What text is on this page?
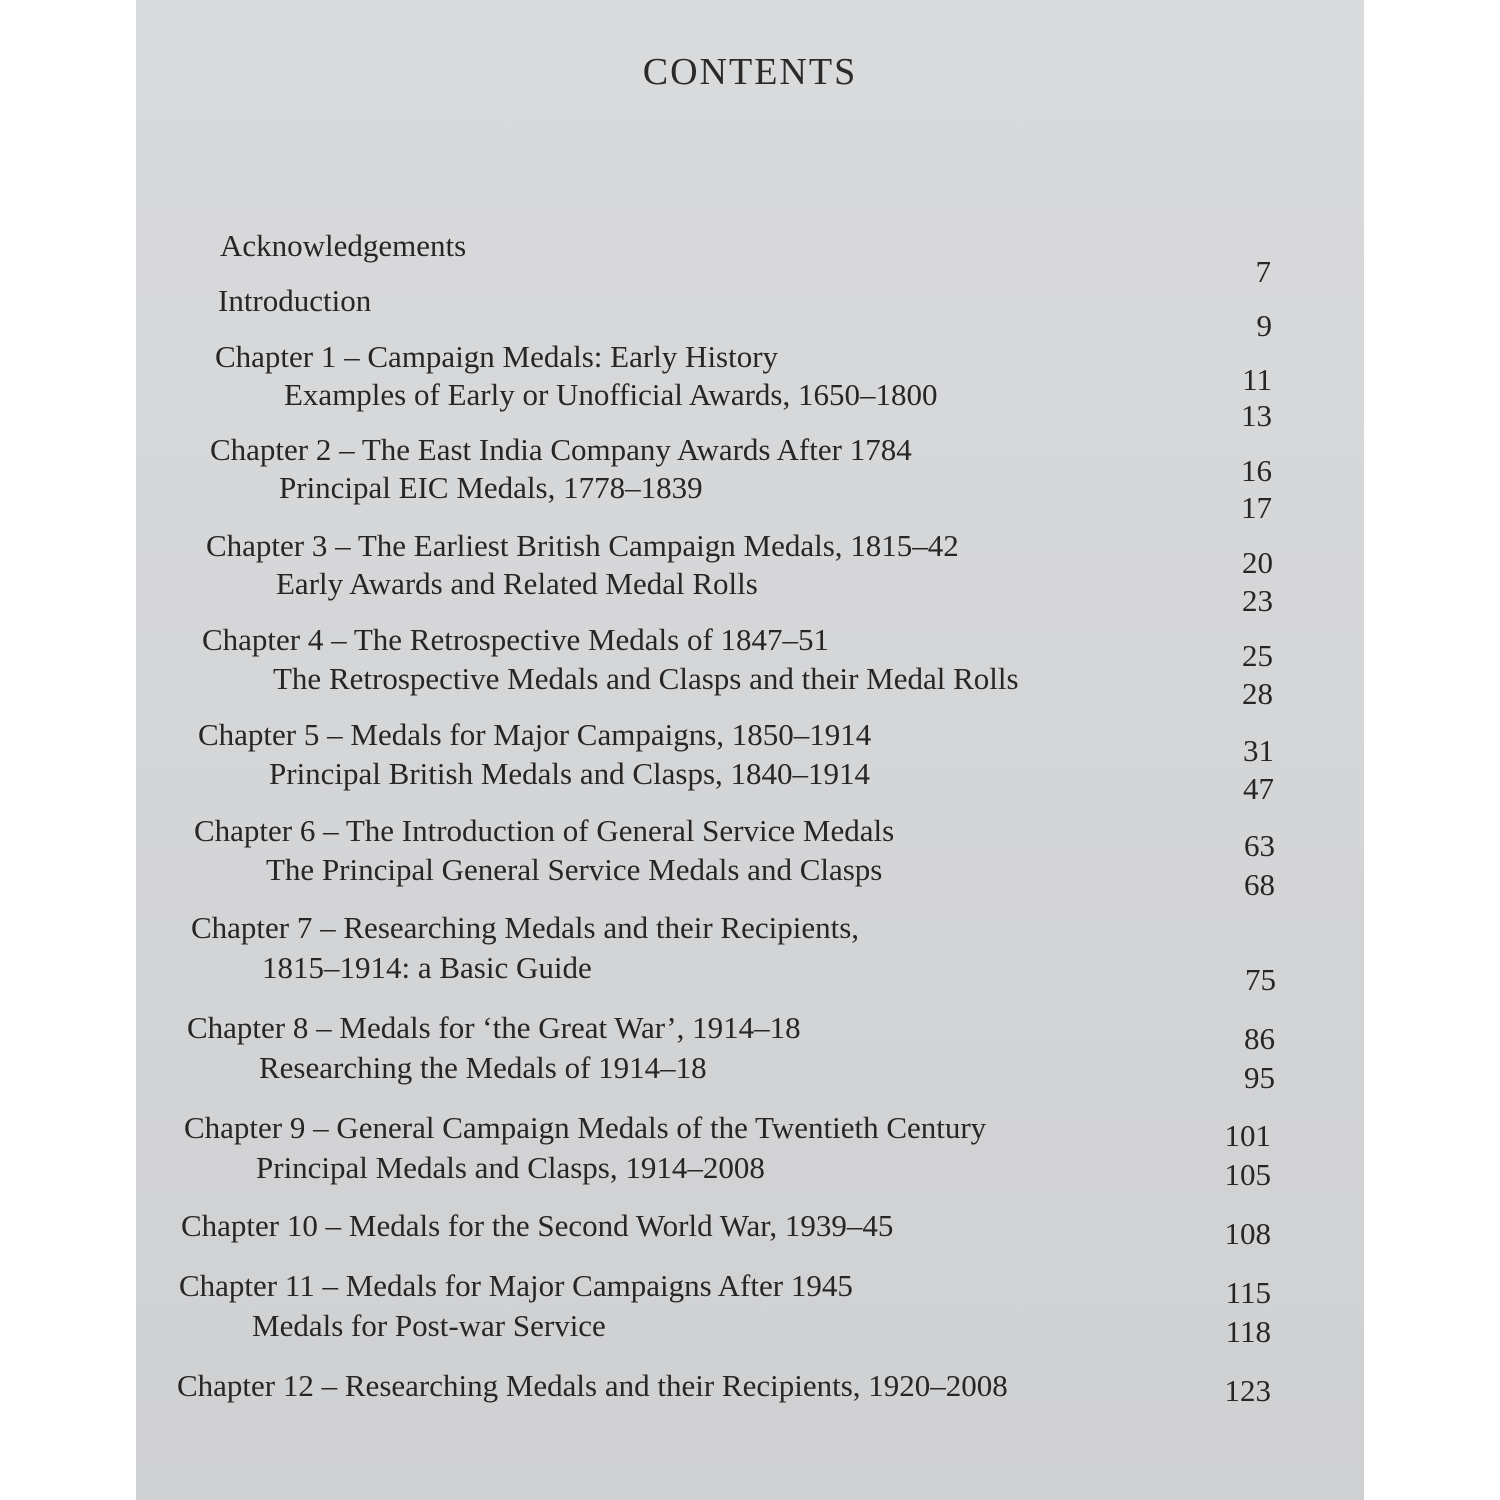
CONTENTS
Acknowledgements
Introduction
Chapter 1 – Campaign Medals: Early History
Examples of Early or Unofficial Awards, 1650–1800
Chapter 2 – The East India Company Awards After 1784
Principal EIC Medals, 1778–1839
Chapter 3 – The Earliest British Campaign Medals, 1815–42
Early Awards and Related Medal Rolls
Chapter 4 – The Retrospective Medals of 1847–51
The Retrospective Medals and Clasps and their Medal Rolls
Chapter 5 – Medals for Major Campaigns, 1850–1914
Principal British Medals and Clasps, 1840–1914
Chapter 6 – The Introduction of General Service Medals
The Principal General Service Medals and Clasps
Chapter 7 – Researching Medals and their Recipients,
1815–1914: a Basic Guide
Chapter 8 – Medals for ‘the Great War’, 1914–18
Researching the Medals of 1914–18
Chapter 9 – General Campaign Medals of the Twentieth Century
Principal Medals and Clasps, 1914–2008
Chapter 10 – Medals for the Second World War, 1939–45
Chapter 11 – Medals for Major Campaigns After 1945
Medals for Post-war Service
Chapter 12 – Researching Medals and their Recipients, 1920–2008
7
9
11
13
16
17
20
23
25
28
31
47
63
68
75
86
95
101
105
108
115
118
123
